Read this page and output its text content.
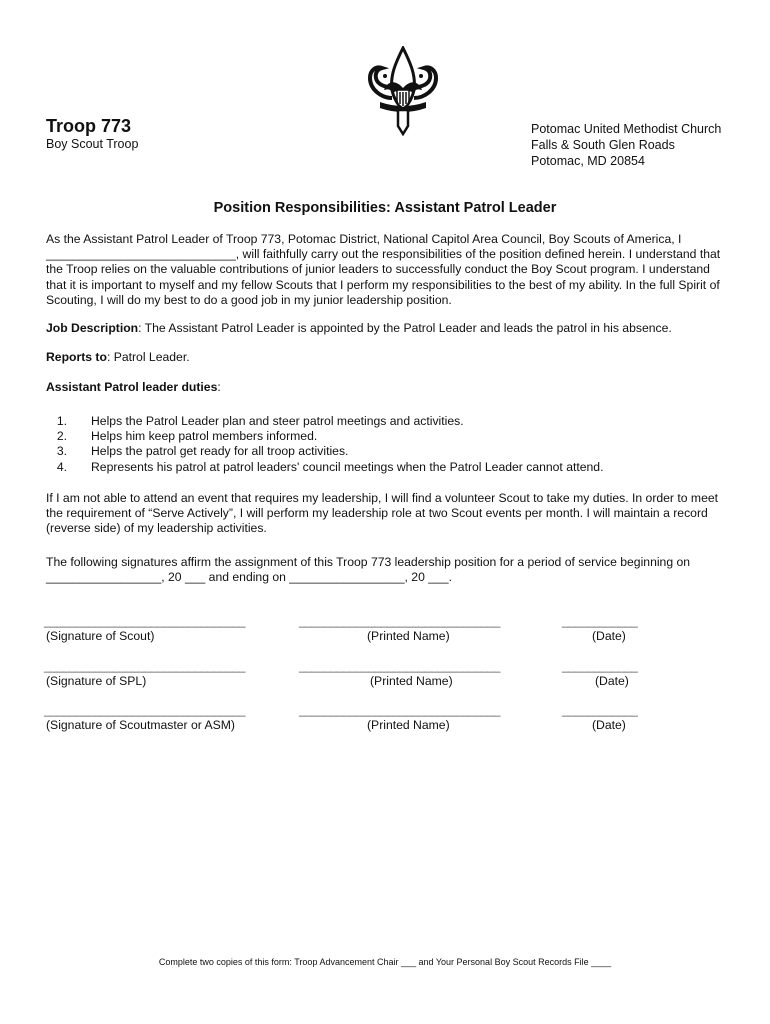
Troop 773
Boy Scout Troop
Potomac United Methodist Church
Falls & South Glen Roads
Potomac, MD 20854
Position Responsibilities: Assistant Patrol Leader
As the Assistant Patrol Leader of Troop 773, Potomac District, National Capitol Area Council, Boy Scouts of America, I ____________________________, will faithfully carry out the responsibilities of the position defined herein. I understand that the Troop relies on the valuable contributions of junior leaders to successfully conduct the Boy Scout program. I understand that it is important to myself and my fellow Scouts that I perform my responsibilities to the best of my ability. In the full Spirit of Scouting, I will do my best to do a good job in my junior leadership position.
Job Description: The Assistant Patrol Leader is appointed by the Patrol Leader and leads the patrol in his absence.
Reports to: Patrol Leader.
Assistant Patrol leader duties:
1. Helps the Patrol Leader plan and steer patrol meetings and activities.
2. Helps him keep patrol members informed.
3. Helps the patrol get ready for all troop activities.
4. Represents his patrol at patrol leaders' council meetings when the Patrol Leader cannot attend.
If I am not able to attend an event that requires my leadership, I will find a volunteer Scout to take my duties. In order to meet the requirement of “Serve Actively”, I will perform my leadership role at two Scout events per month. I will maintain a record (reverse side) of my leadership activities.
The following signatures affirm the assignment of this Troop 773 leadership position for a period of service beginning on _________________, 20 ___ and ending on _________________, 20 ___.
________________________________	________________________________	____________
(Signature of Scout)	(Printed Name)	(Date)
________________________________	________________________________	____________
(Signature of SPL)	(Printed Name)	(Date)
________________________________	________________________________	____________
(Signature of Scoutmaster or ASM)	(Printed Name)	(Date)
Complete two copies of this form: Troop Advancement Chair ___ and Your Personal Boy Scout Records File ____
